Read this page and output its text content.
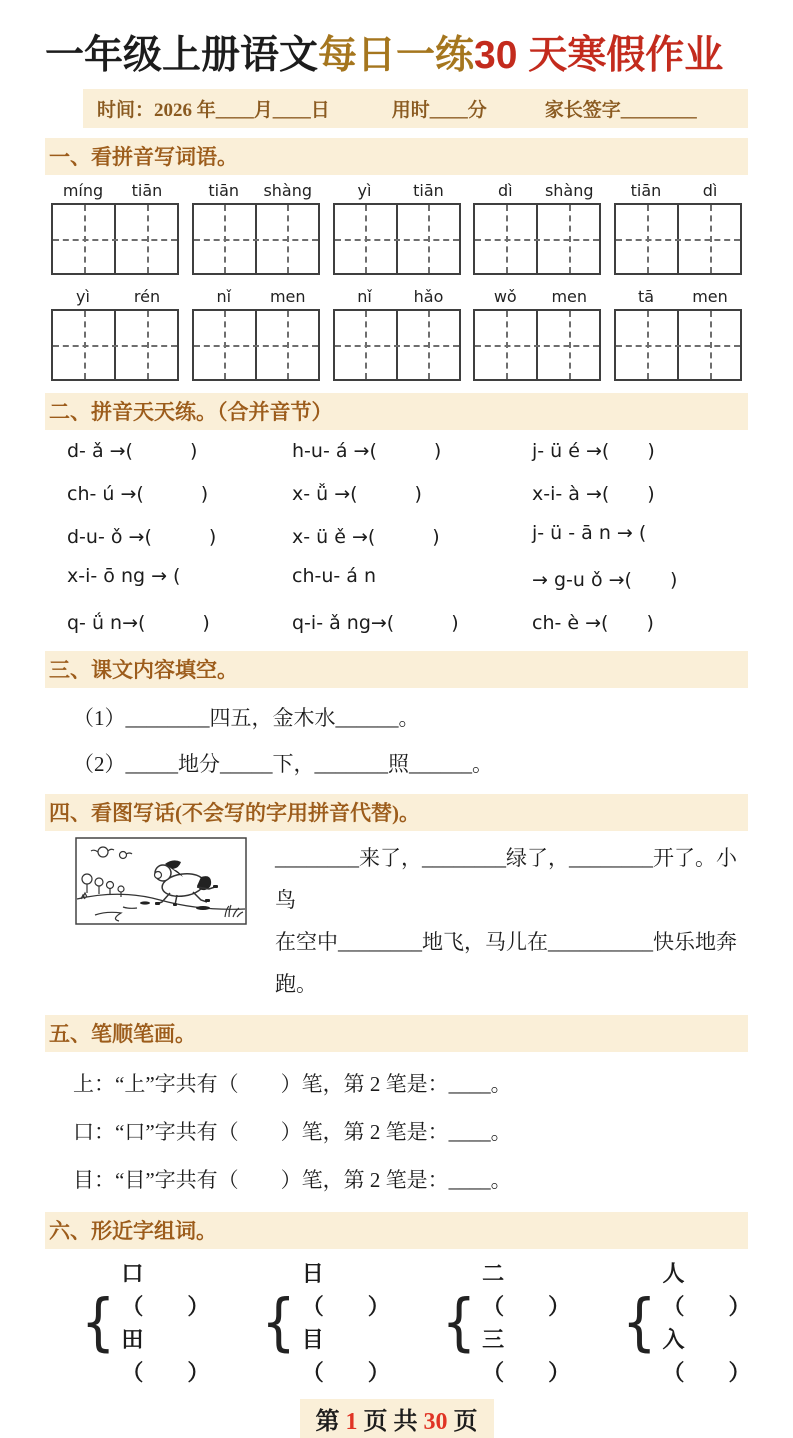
一年级上册语文每日一练30 天寒假作业
时间：2026 年____月____日	用时____分	家长签字________
一、看拼音写词语。
míng	tiān	tiān	shàng	yì	tiān	dì	shàng	tiān	dì
yì	rén	nǐ	men	nǐ	hǎo	wǒ	men	tā	men
二、拼音天天练。（合并音节）
d- ǎ →(　　　)	h-u- á →(　　　)	j- ü é →(　　)
ch- ú →(　　　)	x- ǚ →(　　　)	x-i- à →(　　)
d-u- ǒ →(　　　)	x- ü ě →(　　　)	j- ü - ā n → (
x-i- ō ng → (	ch-u- á n	→ g-u ǒ →(　　)
q- ǘ n→(　　　)	q-i- ǎ ng→(　　　)	ch- è →(　　)
三、课文内容填空。
（1）________四五，金木水______。
（2）_____地分_____下，_______照______。
四、看图写话(不会写的字用拼音代替)。
________来了，________绿了，________开了。小鸟
在空中________地飞，马儿在__________快乐地奔跑。
五、笔顺笔画。
上：“上”字共有（　　）笔，第 2 笔是：____。
口：“口”字共有（　　）笔，第 2 笔是：____。
目：“目”字共有（　　）笔，第 2 笔是：____。
六、形近字组词。
{
口（　　）
田（　　）
{
日（　　）
目（　　）
{
二（　　）
三（　　）
{
人（　　）
入（　　）
第 1 页 共 30 页
